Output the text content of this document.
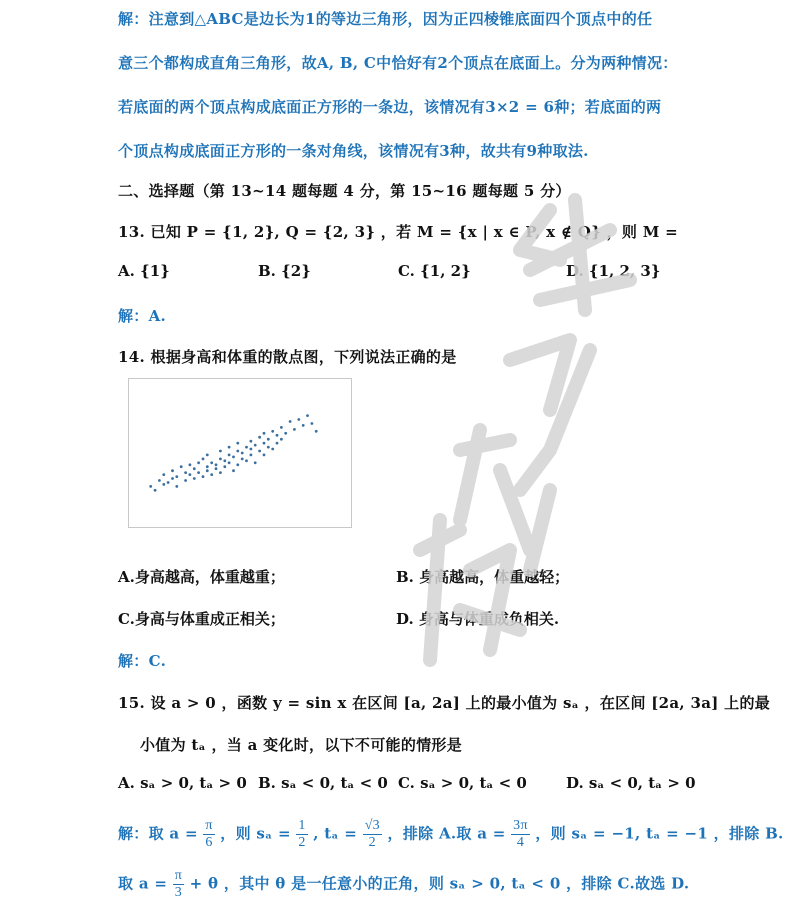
解：注意到△ABC是边长为1的等边三角形，因为正四棱锥底面四个顶点中的任
意三个都构成直角三角形，故A, B, C中恰好有2个顶点在底面上。分为两种情况：
若底面的两个顶点构成底面正方形的一条边，该情况有3×2 = 6种；若底面的两
个顶点构成底面正方形的一条对角线，该情况有3种，故共有9种取法.
二、选择题（第 13~14 题每题 4 分，第 15~16 题每题 5 分）
13. 已知 P = {1, 2}, Q = {2, 3} ，若 M = {x | x ∈ P, x ∉ Q} ，则 M =
A. {1}	B. {2}	C. {1, 2}	D. {1, 2, 3}
解：A.
14. 根据身高和体重的散点图，下列说法正确的是
A.身高越高，体重越重；	B. 身高越高，体重越轻；
C.身高与体重成正相关；	D. 身高与体重成负相关.
解：C.
15. 设 a > 0 ，函数 y = sin x 在区间 [a, 2a] 上的最小值为 sₐ ，在区间 [2a, 3a] 上的最
小值为 tₐ ，当 a 变化时，以下不可能的情形是
A. sₐ > 0, tₐ > 0 B. sₐ < 0, tₐ < 0 C. sₐ > 0, tₐ < 0	D. sₐ < 0, tₐ > 0
解：取 $a = \frac{\pi}{6}$ ，则 $s_a = \frac{1}{2}$ , $t_a = \frac{√3}{2}$ ，排除 A.取 $a = \frac{3\pi}{4}$ ，则 sₐ = −1, tₐ = −1 ，排除 B.
取 $a = \frac{\pi}{3} + \theta$ ，其中 θ 是一任意小的正角，则 sₐ > 0, tₐ < 0 ，排除 C.故选 D.
